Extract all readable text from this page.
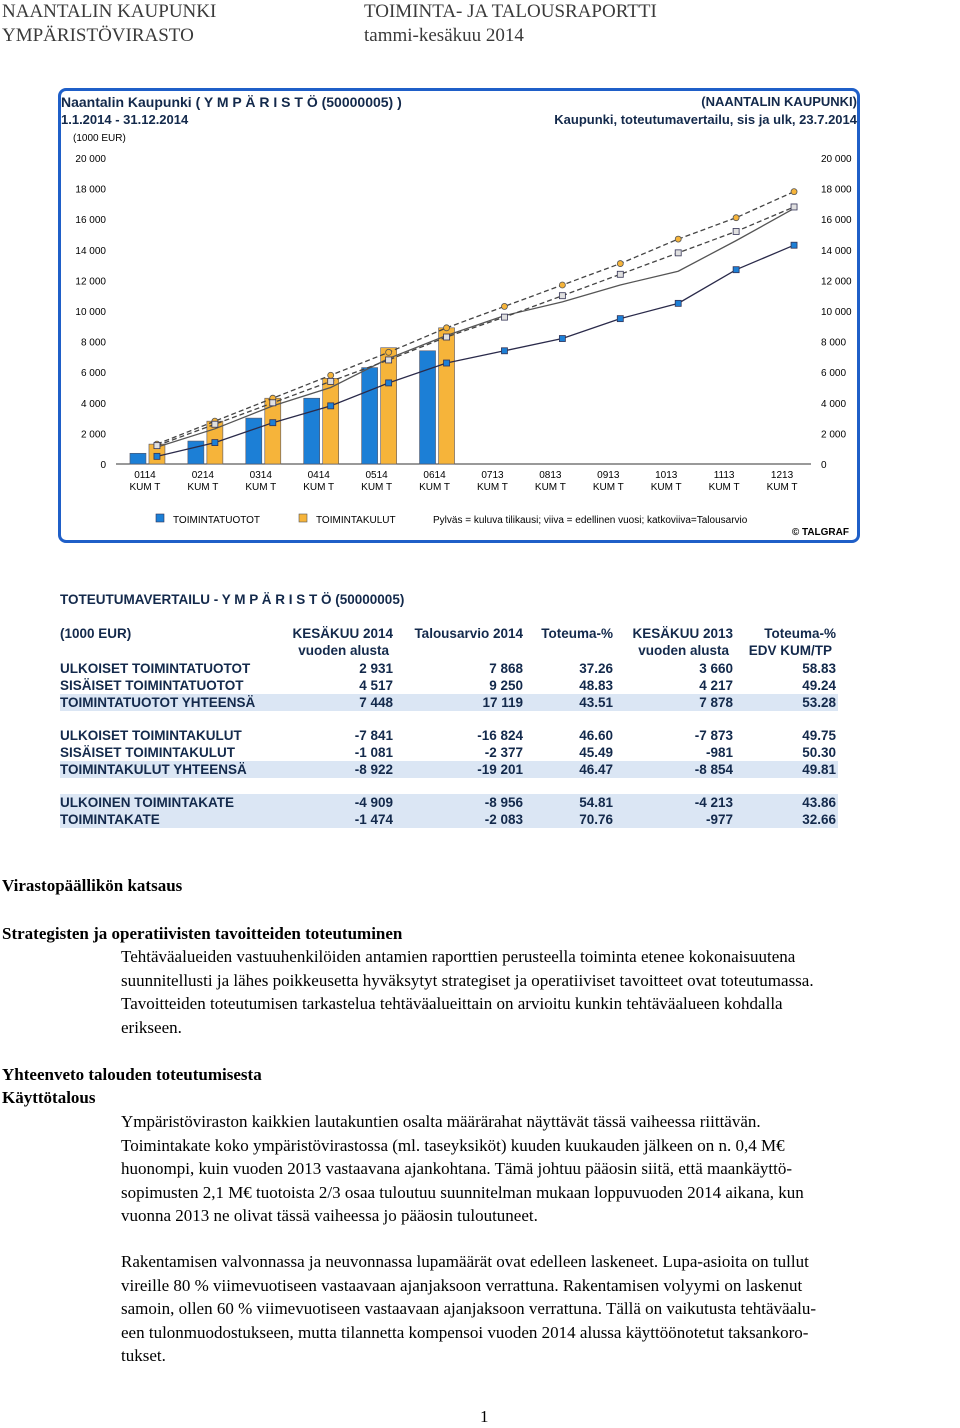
NAANTALIN KAUPUNKI
YMPÄRISTÖVIRASTO
TOIMINTA- JA TALOUSRAPORTTI
tammi-kesäkuu 2014
Naantalin Kaupunki ( Y M P Ä R I S T Ö (50000005) )
1.1.2014 - 31.12.2014
(NAANTALIN KAUPUNKI)
Kaupunki, toteutumavertailu, sis ja ulk, 23.7.2014
(1000 EUR)
0	0
2 000	2 000
4 000	4 000
6 000	6 000
8 000	8 000
10 000	10 000
12 000	12 000
14 000	14 000
16 000	16 000
18 000	18 000
20 000	20 000
0114
KUM T
0214
KUM T
0314
KUM T
0414
KUM T
0514
KUM T
0614
KUM T
0713
KUM T
0813
KUM T
0913
KUM T
1013
KUM T
1113
KUM T
1213
KUM T
TOIMINTATUOTOT	TOIMINTAKULUT	Pylväs = kuluva tilikausi; viiva = edellinen vuosi; katkoviiva=Talousarvio
© TALGRAF
TOTEUTUMAVERTAILU - Y M P Ä R I S T Ö (50000005)
(1000 EUR)	KESÄKUU 2014
vuoden alusta
Talousarvio 2014	Toteuma-%	KESÄKUU 2013
vuoden alusta
Toteuma-%
EDV KUM/TP
ULKOISET TOIMINTATUOTOT	2 931	7 868	37.26	3 660	58.83
SISÄISET TOIMINTATUOTOT	4 517	9 250	48.83	4 217	49.24
TOIMINTATUOTOT YHTEENSÄ	7 448	17 119	43.51	7 878	53.28
ULKOISET TOIMINTAKULUT	-7 841	-16 824	46.60	-7 873	49.75
SISÄISET TOIMINTAKULUT	-1 081	-2 377	45.49	-981	50.30
TOIMINTAKULUT YHTEENSÄ	-8 922	-19 201	46.47	-8 854	49.81
ULKOINEN TOIMINTAKATE	-4 909	-8 956	54.81	-4 213	43.86
TOIMINTAKATE	-1 474	-2 083	70.76	-977	32.66
Virastopäällikön katsaus
Strategisten ja operatiivisten tavoitteiden toteutuminen
Tehtäväalueiden vastuuhenkilöiden antamien raporttien perusteella toiminta etenee kokonaisuutena
suunnitellusti ja lähes poikkeusetta hyväksytyt strategiset ja operatiiviset tavoitteet ovat toteutumassa.
Tavoitteiden toteutumisen tarkastelua tehtäväalueittain on arvioitu kunkin tehtäväalueen kohdalla
erikseen.
Yhteenveto talouden toteutumisesta
Käyttötalous
Ympäristöviraston kaikkien lautakuntien osalta määrärahat näyttävät tässä vaiheessa riittävän.
Toimintakate koko ympäristövirastossa (ml. taseyksiköt) kuuden kuukauden jälkeen on n. 0,4 M€
huonompi, kuin vuoden 2013 vastaavana ajankohtana. Tämä johtuu pääosin siitä, että maankäyttö-
sopimusten 2,1 M€ tuotoista 2/3 osaa tuloutuu suunnitelman mukaan loppuvuoden 2014 aikana, kun
vuonna 2013 ne olivat tässä vaiheessa jo pääosin tuloutuneet.
Rakentamisen valvonnassa ja neuvonnassa lupamäärät ovat edelleen laskeneet. Lupa-asioita on tullut
vireille 80 % viimevuotiseen vastaavaan ajanjaksoon verrattuna. Rakentamisen volyymi on laskenut
samoin, ollen 60 % viimevuotiseen vastaavaan ajanjaksoon verrattuna. Tällä on vaikutusta tehtäväalu-
een tulonmuodostukseen, mutta tilannetta kompensoi vuoden 2014 alussa käyttöönotetut taksankoro-
tukset.
1
